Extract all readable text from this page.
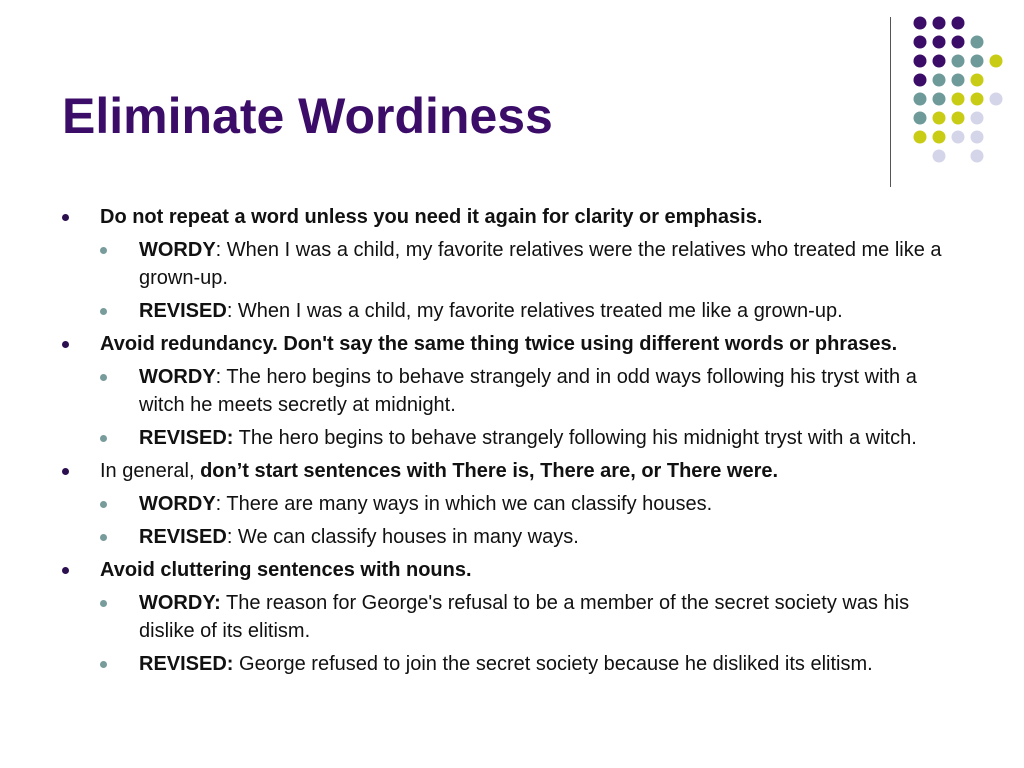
Eliminate Wordiness
Do not repeat a word unless you need it again for clarity or emphasis.
WORDY: When I was a child, my favorite relatives were the relatives who treated me like a grown-up.
REVISED: When I was a child, my favorite relatives treated me like a grown-up.
Avoid redundancy. Don't say the same thing twice using different words or phrases.
WORDY: The hero begins to behave strangely and in odd ways following his tryst with a witch he meets secretly at midnight.
REVISED: The hero begins to behave strangely following his midnight tryst with a witch.
In general, don’t start sentences with There is, There are, or There were.
WORDY: There are many ways in which we can classify houses.
REVISED: We can classify houses in many ways.
Avoid cluttering sentences with nouns.
WORDY: The reason for George's refusal to be a member of the secret society was his dislike of its elitism.
REVISED: George refused to join the secret society because he disliked its elitism.
